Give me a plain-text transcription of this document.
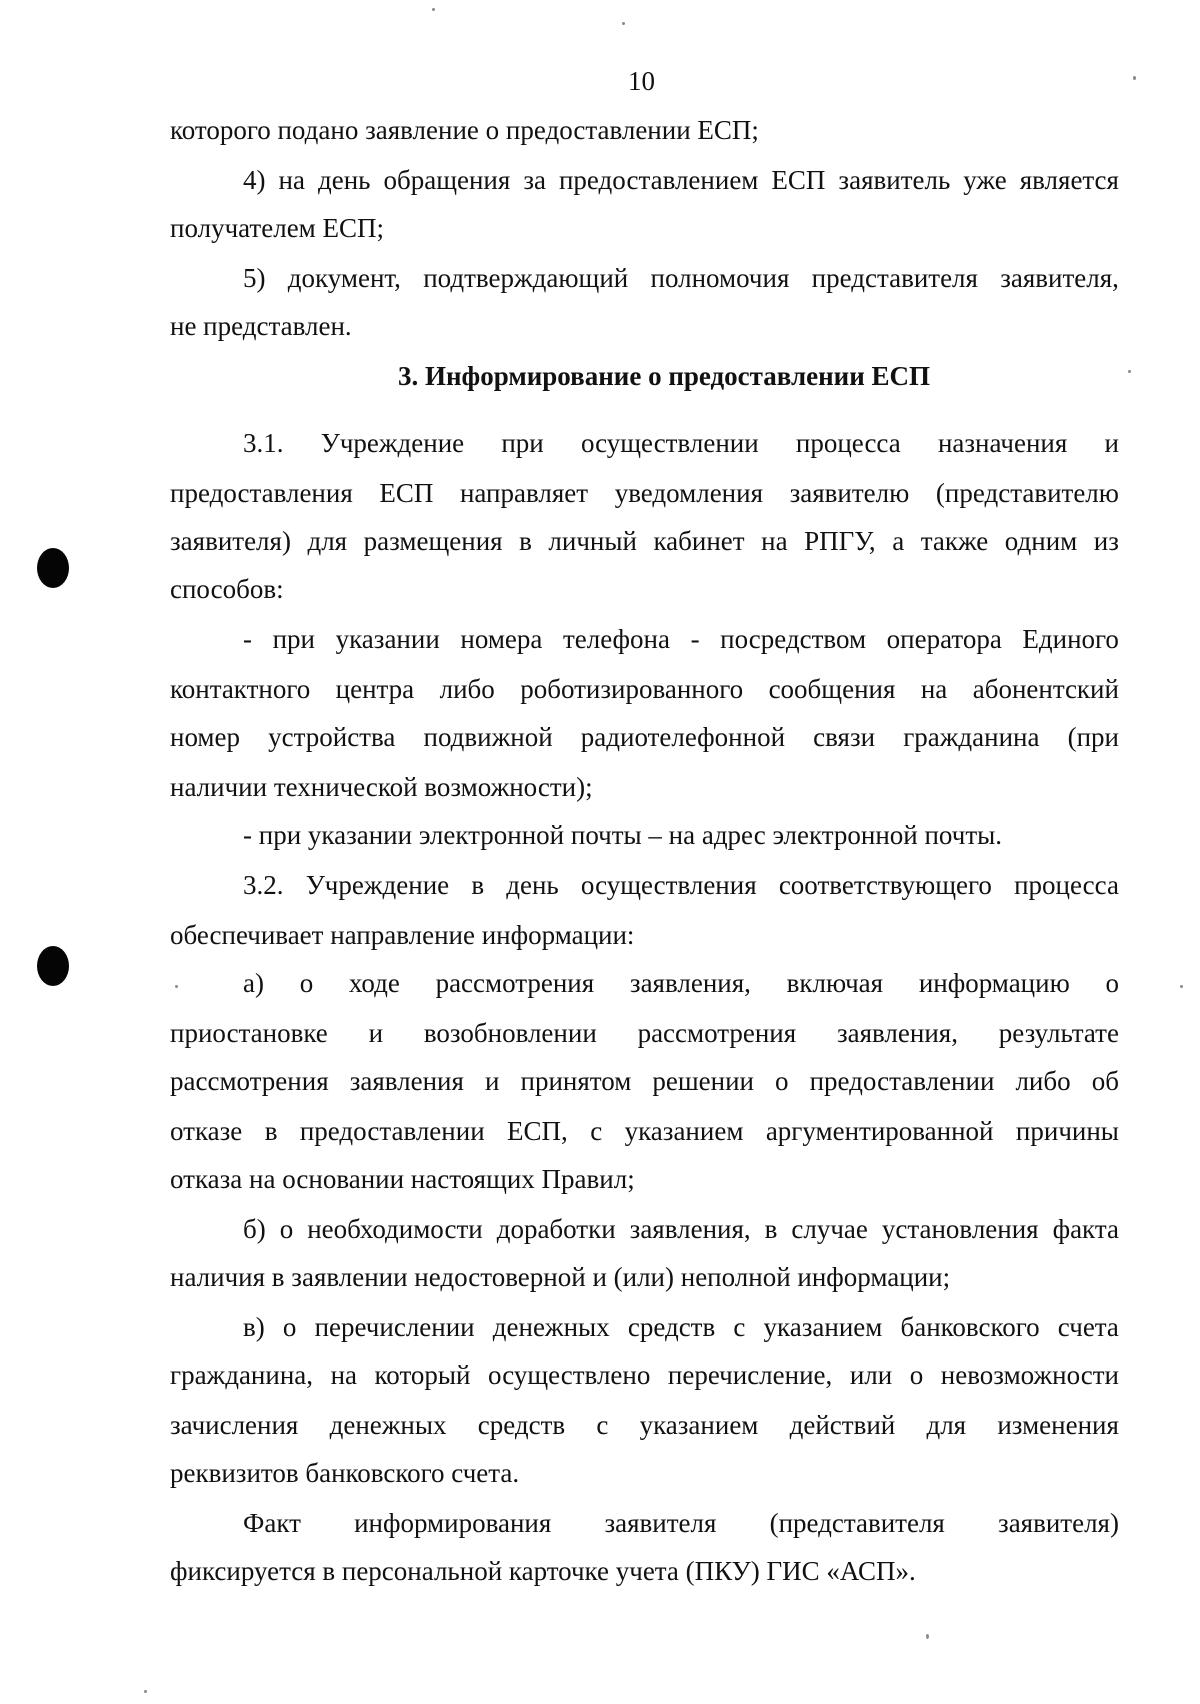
10
которого подано заявление о предоставлении ЕСП;
4) на день обращения за предоставлением ЕСП заявитель уже является
получателем ЕСП;
5) документ, подтверждающий полномочия представителя заявителя,
не представлен.
3. Информирование о предоставлении ЕСП
3.1. Учреждение при осуществлении процесса назначения и
предоставления ЕСП направляет уведомления заявителю (представителю
заявителя) для размещения в личный кабинет на РПГУ, а также одним из
способов:
- при указании номера телефона - посредством оператора Единого
контактного центра либо роботизированного сообщения на абонентский
номер устройства подвижной радиотелефонной связи гражданина (при
наличии технической возможности);
- при указании электронной почты – на адрес электронной почты.
3.2. Учреждение в день осуществления соответствующего процесса
обеспечивает направление информации:
а) о ходе рассмотрения заявления, включая информацию о
приостановке и возобновлении рассмотрения заявления, результате
рассмотрения заявления и принятом решении о предоставлении либо об
отказе в предоставлении ЕСП, с указанием аргументированной причины
отказа на основании настоящих Правил;
б) о необходимости доработки заявления, в случае установления факта
наличия в заявлении недостоверной и (или) неполной информации;
в) о перечислении денежных средств с указанием банковского счета
гражданина, на который осуществлено перечисление, или о невозможности
зачисления денежных средств с указанием действий для изменения
реквизитов банковского счета.
Факт информирования заявителя (представителя заявителя)
фиксируется в персональной карточке учета (ПКУ) ГИС «АСП».
